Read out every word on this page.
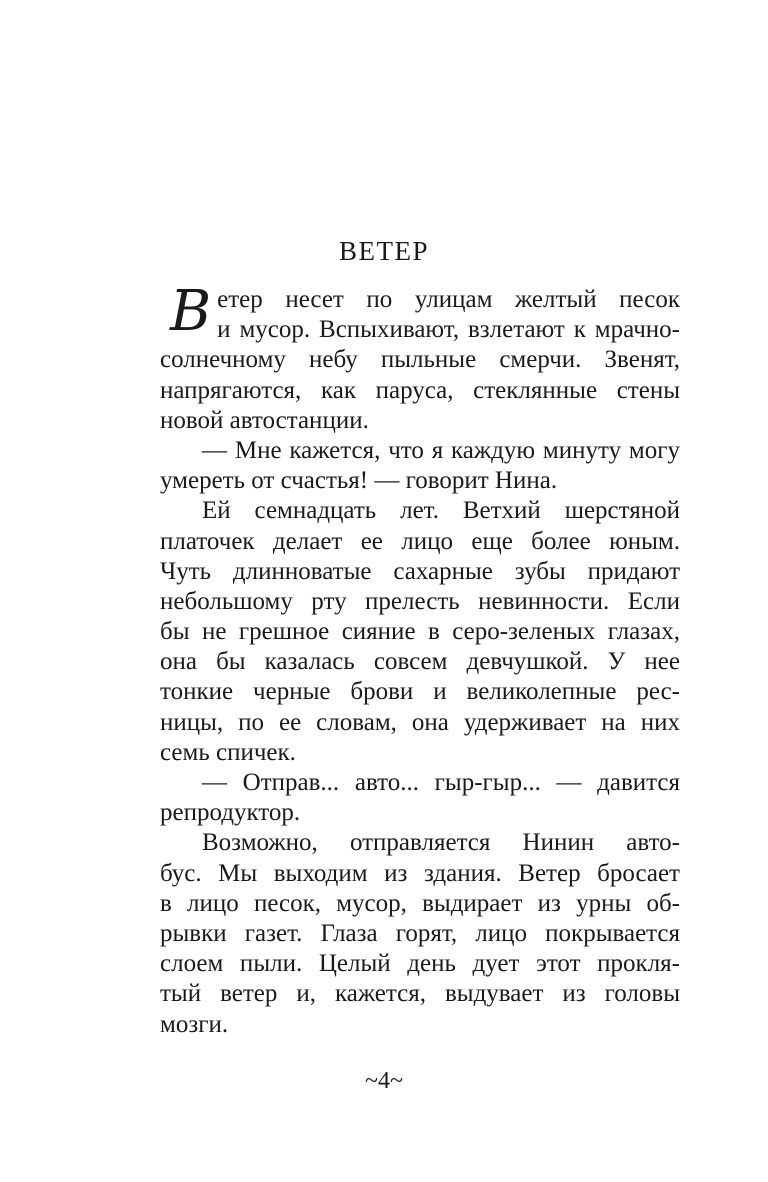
ВЕТЕР
Ветер несет по улицам желтый песок
и мусор. Вспыхивают, взлетают к мрачно-
солнечному небу пыльные смерчи. Звенят,
напрягаются, как паруса, стеклянные стены
новой автостанции.
— Мне кажется, что я каждую минуту могу
умереть от счастья! — говорит Нина.
Ей семнадцать лет. Ветхий шерстяной
платочек делает ее лицо еще более юным.
Чуть длинноватые сахарные зубы придают
небольшому рту прелесть невинности. Если
бы не грешное сияние в серо-зеленых глазах,
она бы казалась совсем девчушкой. У нее
тонкие черные брови и великолепные рес-
ницы, по ее словам, она удерживает на них
семь спичек.
— Отправ... авто... гыр-гыр... — давится
репродуктор.
Возможно, отправляется Нинин авто-
бус. Мы выходим из здания. Ветер бросает
в лицо песок, мусор, выдирает из урны об-
рывки газет. Глаза горят, лицо покрывается
слоем пыли. Целый день дует этот прокля-
тый ветер и, кажется, выдувает из головы
мозги.
~4~
